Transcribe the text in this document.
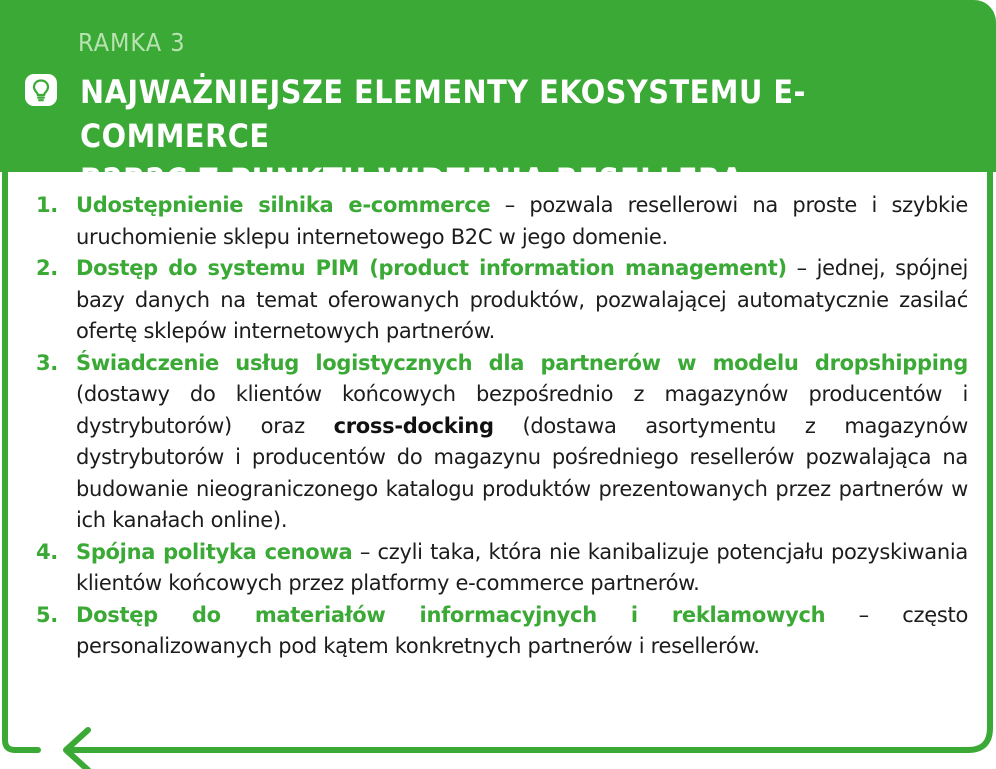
RAMKA 3
NAJWAŻNIEJSZE ELEMENTY EKOSYSTEMU E-COMMERCE

1. Udostępnienie silnika e-commerce – pozwala resellerowi na proste i szybkie uruchomienie sklepu internetowego B2C w jego domenie.
2. Dostęp do systemu PIM (product information management) – jednej, spójnej bazy danych na temat oferowanych produktów, pozwalającej automatycznie zasilać ofertę sklepów internetowych partnerów.
3. Świadczenie usług logistycznych dla partnerów w modelu dropshipping (dostawy do klientów końcowych bezpośrednio z magazynów producentów i dystrybutorów) oraz cross-docking (dostawa asortymentu z magazynów dystrybutorów i producentów do magazynu pośredniego resellerów pozwalająca na budowanie nieograniczonego katalogu produktów prezentowanych przez partnerów w ich kanałach online).
4. Spójna polityka cenowa – czyli taka, która nie kanibalizuje potencjału pozyskiwania klientów końcowych przez platformy e-commerce partnerów.
5. Dostęp do materiałów informacyjnych i reklamowych – często personalizowanych pod kątem konkretnych partnerów i resellerów.
